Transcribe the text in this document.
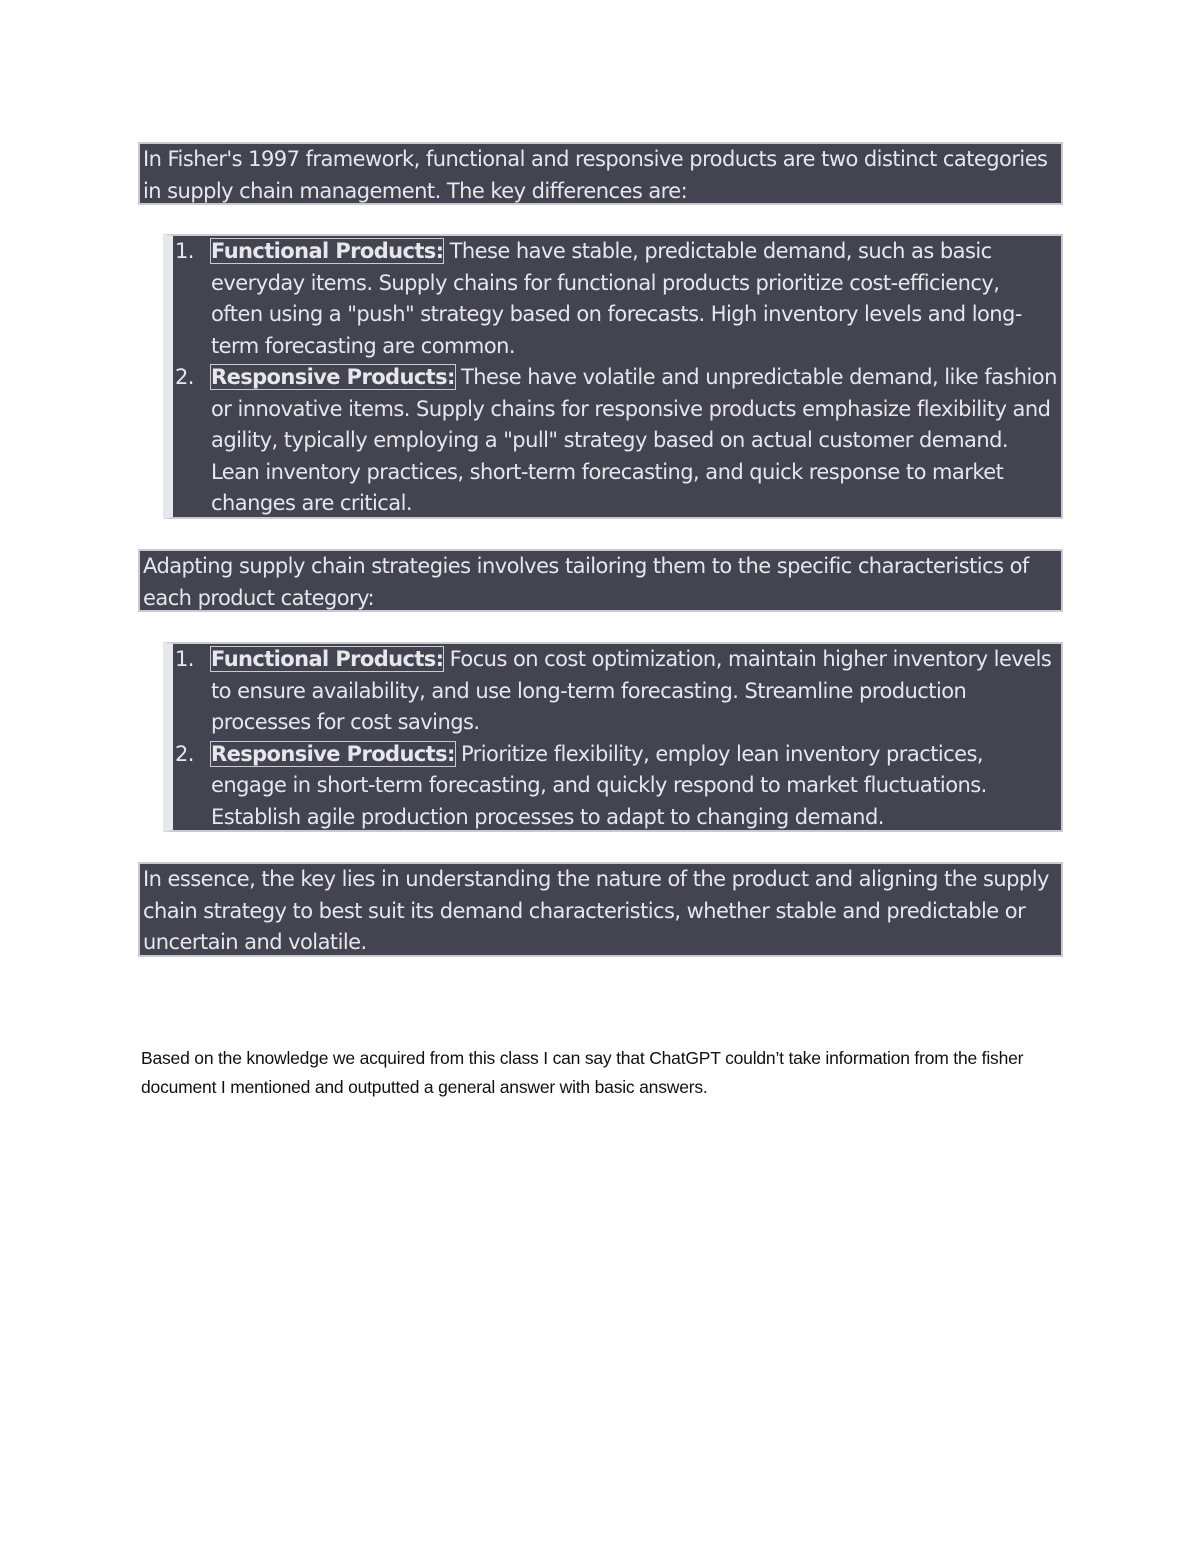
In Fisher's 1997 framework, functional and responsive products are two distinct categories in supply chain management. The key differences are:

1. Functional Products: These have stable, predictable demand, such as basic everyday items. Supply chains for functional products prioritize cost-efficiency, often using a "push" strategy based on forecasts. High inventory levels and long-term forecasting are common.
2. Responsive Products: These have volatile and unpredictable demand, like fashion or innovative items. Supply chains for responsive products emphasize flexibility and agility, typically employing a "pull" strategy based on actual customer demand. Lean inventory practices, short-term forecasting, and quick response to market changes are critical.

Adapting supply chain strategies involves tailoring them to the specific characteristics of each product category:

1. Functional Products: Focus on cost optimization, maintain higher inventory levels to ensure availability, and use long-term forecasting. Streamline production processes for cost savings.
2. Responsive Products: Prioritize flexibility, employ lean inventory practices, engage in short-term forecasting, and quickly respond to market fluctuations. Establish agile production processes to adapt to changing demand.

In essence, the key lies in understanding the nature of the product and aligning the supply chain strategy to best suit its demand characteristics, whether stable and predictable or uncertain and volatile.

Based on the knowledge we acquired from this class I can say that ChatGPT couldn’t take information from the fisher document I mentioned and outputted a general answer with basic answers.
